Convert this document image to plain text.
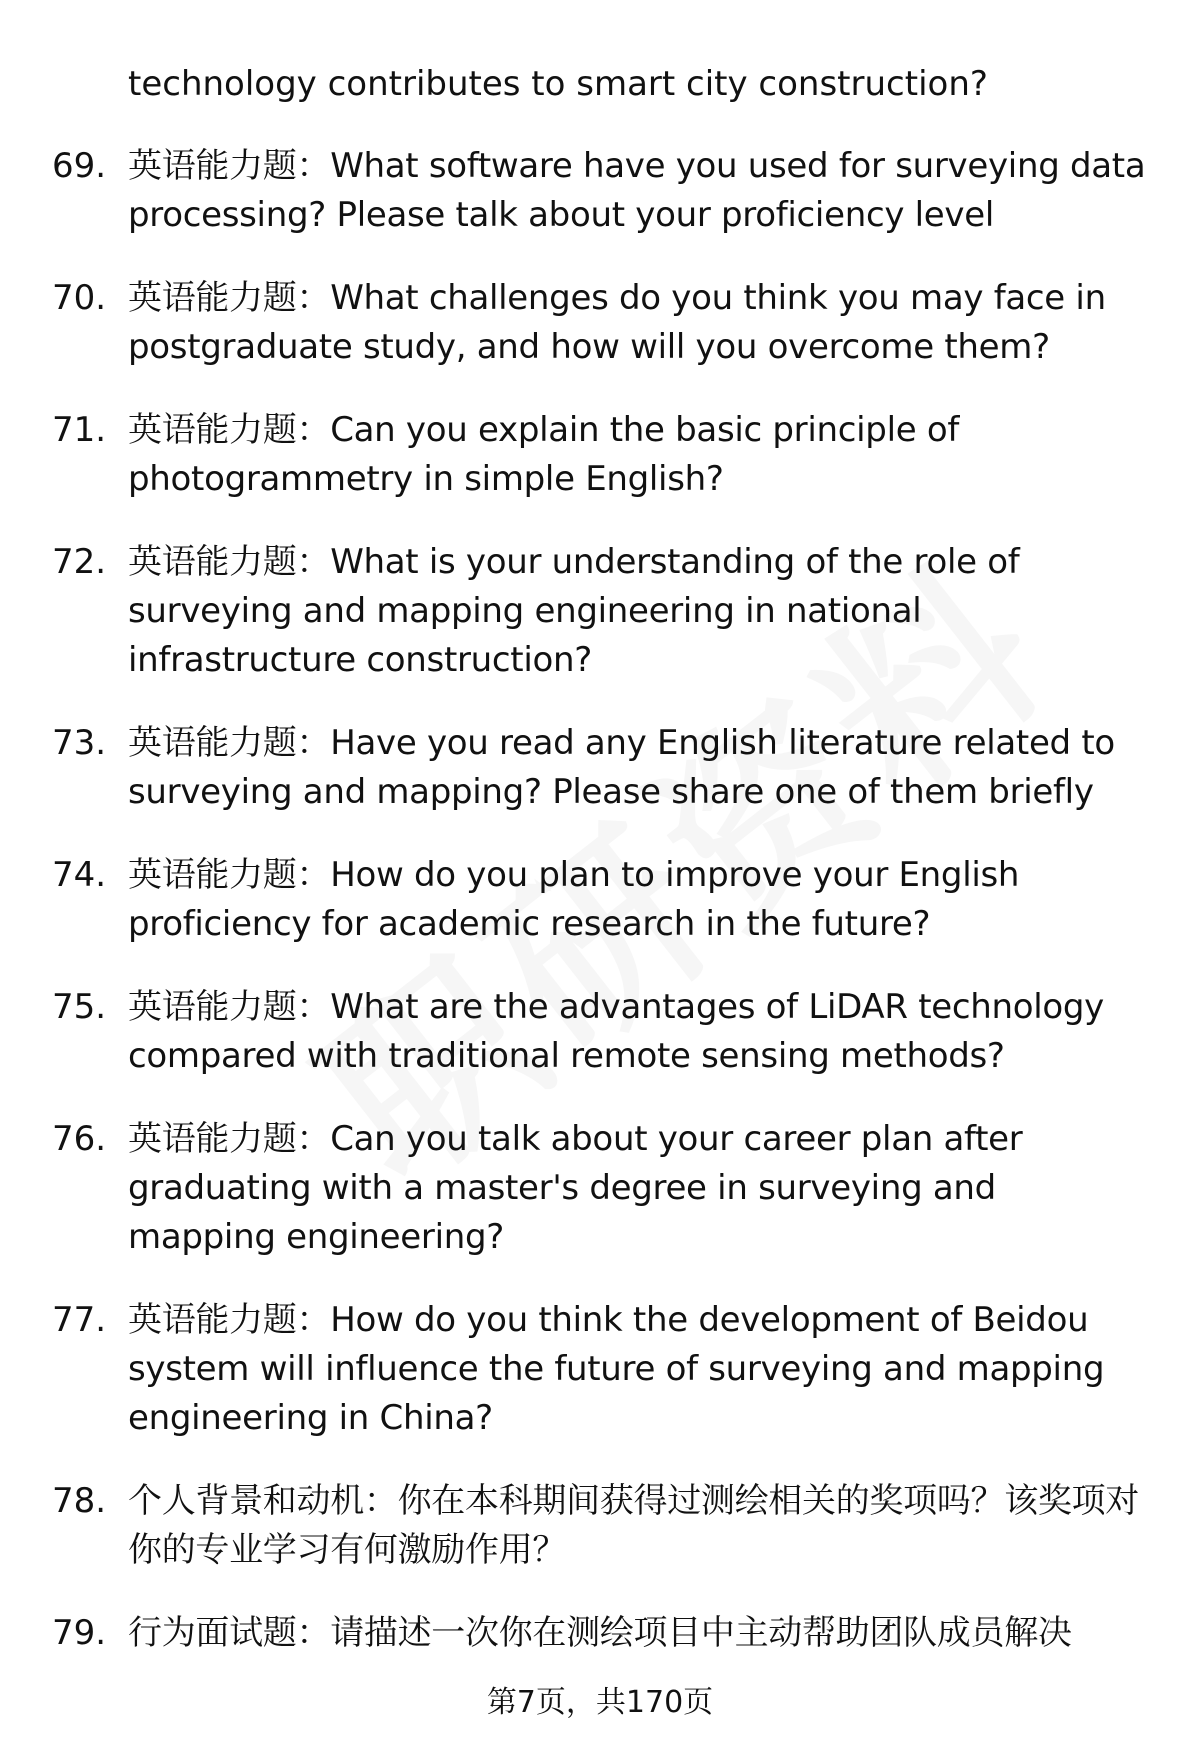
technology contributes to smart city construction?
69. 英语能力题：What software have you used for surveying data processing? Please talk about your proficiency level
70. 英语能力题：What challenges do you think you may face in postgraduate study, and how will you overcome them?
71. 英语能力题：Can you explain the basic principle of photogrammetry in simple English?
72. 英语能力题：What is your understanding of the role of surveying and mapping engineering in national infrastructure construction?
73. 英语能力题：Have you read any English literature related to surveying and mapping? Please share one of them briefly
74. 英语能力题：How do you plan to improve your English proficiency for academic research in the future?
75. 英语能力题：What are the advantages of LiDAR technology compared with traditional remote sensing methods?
76. 英语能力题：Can you talk about your career plan after graduating with a master's degree in surveying and mapping engineering?
77. 英语能力题：How do you think the development of Beidou system will influence the future of surveying and mapping engineering in China?
78. 个人背景和动机：你在本科期间获得过测绘相关的奖项吗？该奖项对你的专业学习有何激励作用？
79. 行为面试题：请描述一次你在测绘项目中主动帮助团队成员解决
第7页，共170页
